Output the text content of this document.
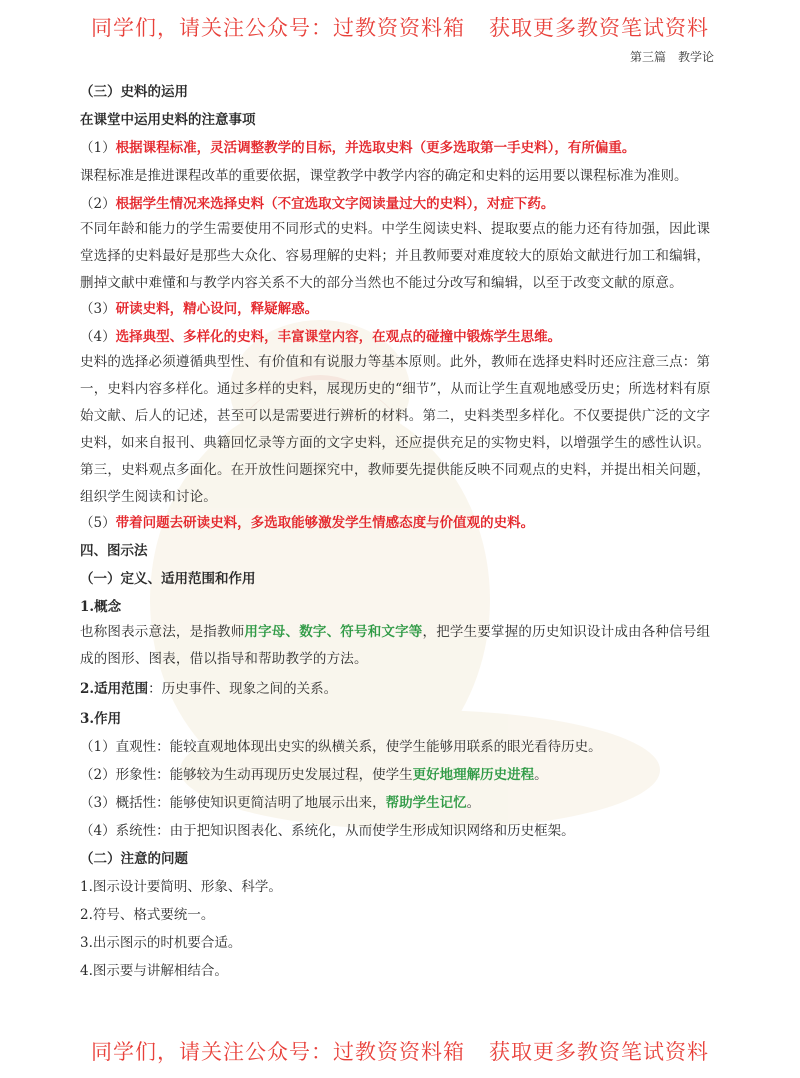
同学们，请关注公众号：过教资资料箱 获取更多教资笔试资料
第三篇　教学论
（三）史料的运用
在课堂中运用史料的注意事项
（1）根据课程标准，灵活调整教学的目标，并选取史料（更多选取第一手史料），有所偏重。
课程标准是推进课程改革的重要依据，课堂教学中教学内容的确定和史料的运用要以课程标准为准则。
（2）根据学生情况来选择史料（不宜选取文字阅读量过大的史料），对症下药。
不同年龄和能力的学生需要使用不同形式的史料。中学生阅读史料、提取要点的能力还有待加强，因此课堂选择的史料最好是那些大众化、容易理解的史料；并且教师要对难度较大的原始文献进行加工和编辑，删掉文献中难懂和与教学内容关系不大的部分当然也不能过分改写和编辑，以至于改变文献的原意。
（3）研读史料，精心设问，释疑解惑。
（4）选择典型、多样化的史料，丰富课堂内容，在观点的碰撞中锻炼学生思维。
史料的选择必须遵循典型性、有价值和有说服力等基本原则。此外，教师在选择史料时还应注意三点：第一，史料内容多样化。通过多样的史料，展现历史的“细节”，从而让学生直观地感受历史；所选材料有原始文献、后人的记述，甚至可以是需要进行辨析的材料。第二，史料类型多样化。不仅要提供广泛的文字史料，如来自报刊、典籍回忆录等方面的文字史料，还应提供充足的实物史料，以增强学生的感性认识。第三，史料观点多面化。在开放性问题探究中，教师要先提供能反映不同观点的史料，并提出相关问题，组织学生阅读和讨论。
（5）带着问题去研读史料，多选取能够激发学生情感态度与价值观的史料。
四、图示法
（一）定义、适用范围和作用
1.概念
也称图表示意法，是指教师用字母、数字、符号和文字等，把学生要掌握的历史知识设计成由各种信号组成的图形、图表，借以指导和帮助教学的方法。
2.适用范围：历史事件、现象之间的关系。
3.作用
（1）直观性：能较直观地体现出史实的纵横关系，使学生能够用联系的眼光看待历史。
（2）形象性：能够较为生动再现历史发展过程，使学生更好地理解历史进程。
（3）概括性：能够使知识更简洁明了地展示出来，帮助学生记忆。
（4）系统性：由于把知识图表化、系统化，从而使学生形成知识网络和历史框架。
（二）注意的问题
1.图示设计要简明、形象、科学。
2.符号、格式要统一。
3.出示图示的时机要合适。
4.图示要与讲解相结合。
同学们，请关注公众号：过教资资料箱 获取更多教资笔试资料
